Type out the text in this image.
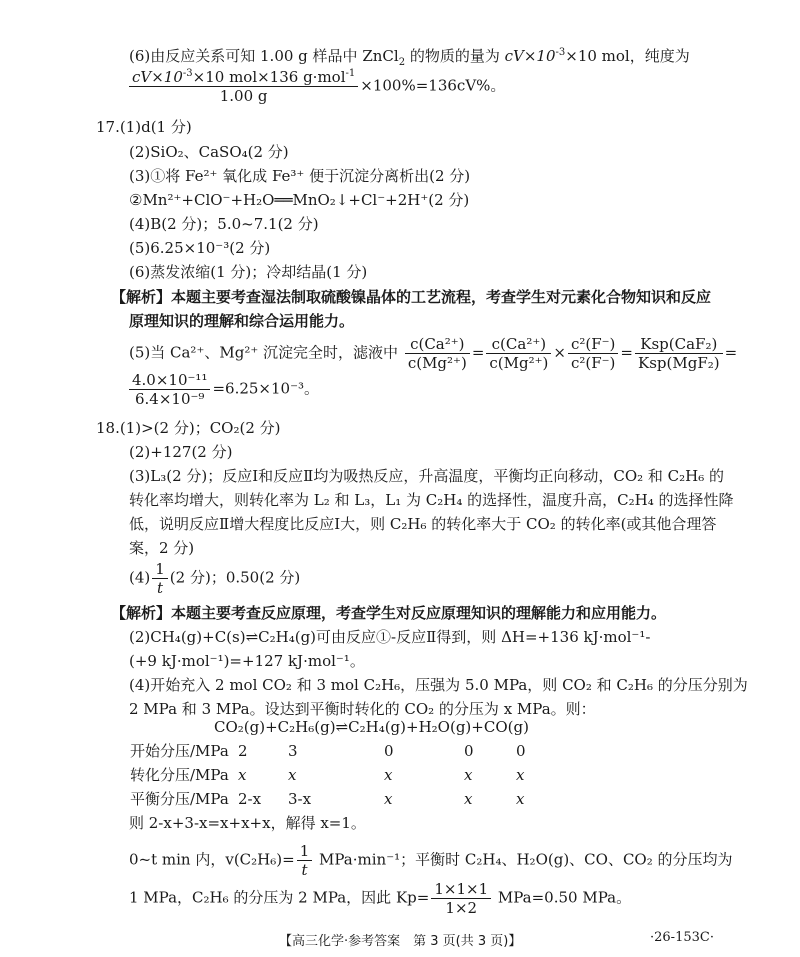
(6)由反应关系可知 1.00 g 样品中 ZnCl$_2$ 的物质的量为 $cV\times 10^{-3}\times 10$ mol，纯度为
$\frac{cV\times 10^{-3}\times 10 mol\times 136 g\cdot mol^{-1}}{1.00 g} \times 100\%=136cV\%$。
17.(1)d(1 分)
(2)SiO₂、CaSO₄(2 分)
(3)①将 Fe²⁺ 氧化成 Fe³⁺ 便于沉淀分离析出(2 分)
②Mn²⁺+ClO⁻+H₂O══MnO₂↓+Cl⁻+2H⁺(2 分)
(4)B(2 分)；5.0~7.1(2 分)
(5)6.25×10⁻³(2 分)
(6)蒸发浓缩(1 分)；冷却结晶(1 分)
【解析】本题主要考查湿法制取硫酸镍晶体的工艺流程，考查学生对元素化合物知识和反应
原理知识的理解和综合运用能力。
(5)当 Ca²⁺、Mg²⁺ 沉淀完全时，滤液中 $\frac{\text{c(Ca²⁺)}}{\text{c(Mg²⁺)}} = \frac{\text{c(Ca²⁺)}}{\text{c(Mg²⁺)}} \times \frac{\text{c²(F⁻)}}{\text{c²(F⁻)}} = \frac{\text{Ksp(CaF₂)}}{\text{Ksp(MgF₂)}}$ =
$\frac{\text{4.0×10⁻¹¹}}{\text{6.4×10⁻⁹}} =6.25\times 10^{-3}$。
18.(1)>(2 分)；CO₂(2 分)
(2)+127(2 分)
(3)L₃(2 分)；反应Ⅰ和反应Ⅱ均为吸热反应，升高温度，平衡均正向移动，CO₂ 和 C₂H₆ 的
转化率均增大，则转化率为 L₂ 和 L₃，L₁ 为 C₂H₄ 的选择性，温度升高，C₂H₄ 的选择性降
低，说明反应Ⅱ增大程度比反应Ⅰ大，则 C₂H₆ 的转化率大于 CO₂ 的转化率(或其他合理答
案，2 分)
$(4) \frac{1}{t} (2$ 分)；0.50(2 分)
【解析】本题主要考查反应原理，考查学生对反应原理知识的理解能力和应用能力。
(2)CH₄(g)+C(s)⇌C₂H₄(g)可由反应①-反应Ⅱ得到，则 ΔH=+136 kJ·mol⁻¹-
(+9 kJ·mol⁻¹)=+127 kJ·mol⁻¹。
(4)开始充入 2 mol CO₂ 和 3 mol C₂H₆，压强为 5.0 MPa，则 CO₂ 和 C₂H₆ 的分压分别为
2 MPa 和 3 MPa。设达到平衡时转化的 CO₂ 的分压为 x MPa。则：
CO₂(g)+C₂H₆(g)⇌C₂H₄(g)+H₂O(g)+CO(g)
开始分压/MPa	2	3	0	0	0
转化分压/MPa	x	x	x	x	x
平衡分压/MPa	2-x	3-x	x	x	x
则 2-x+3-x=x+x+x，解得 x=1。
0~t min 内，$v(C_2H_6)= \frac{1}{t} MPa\cdot\min^{-1}$；平衡时 C₂H₄、H₂O(g)、CO、CO₂ 的分压均为
1 MPa，C₂H₆ 的分压为 2 MPa，因此 $Kp= \frac{1\times 1\times 1}{1\times 2} MPa=0.50$ MPa。
【高三化学·参考答案　第 3 页(共 3 页)】	·26-153C·
